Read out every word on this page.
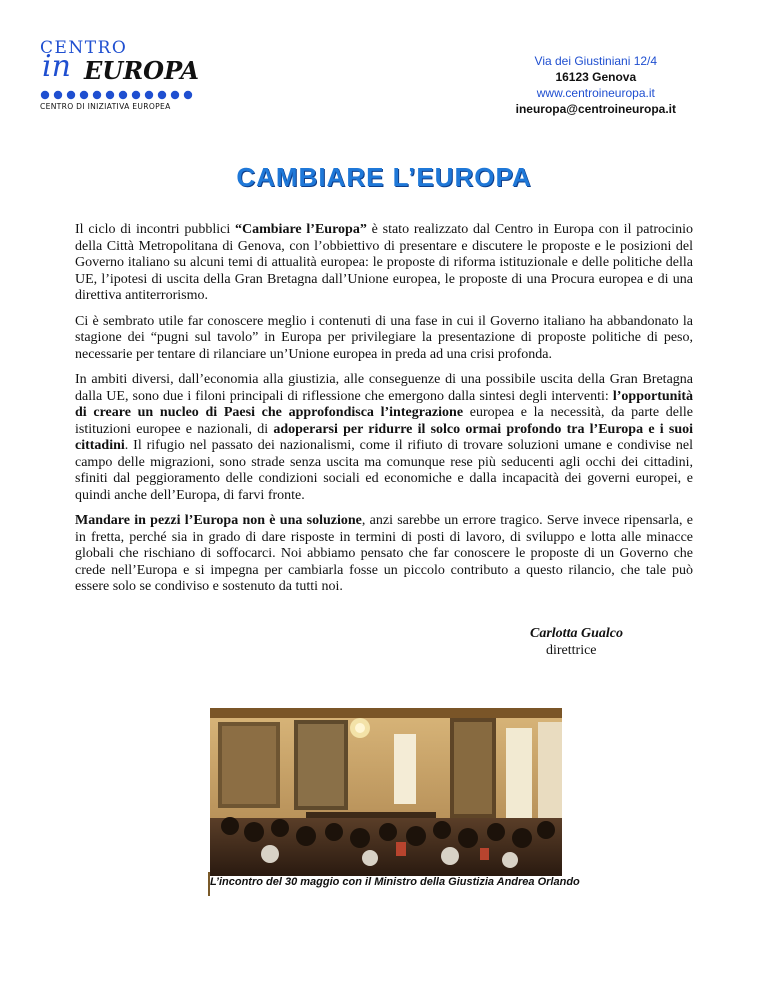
CENTRO
in EUROPA
CENTRO DI INIZIATIVA EUROPEA
Via dei Giustiniani 12/4
16123 Genova
www.centroineuropa.it
ineuropa@centroineuropa.it
CAMBIARE L’EUROPA

Il ciclo di incontri pubblici “Cambiare l’Europa” è stato realizzato dal Centro in Europa con il patrocinio della Città Metropolitana di Genova, con l’obbiettivo di presentare e discutere le proposte e le posizioni del Governo italiano su alcuni temi di attualità europea: le proposte di riforma istituzionale e delle politiche della UE, l’ipotesi di uscita della Gran Bretagna dall’Unione europea, le proposte di una Procura europea e di una direttiva antiterrorismo.

Ci è sembrato utile far conoscere meglio i contenuti di una fase in cui il Governo italiano ha abbandonato la stagione dei “pugni sul tavolo” in Europa per privilegiare la presentazione di proposte politiche di peso, necessarie per tentare di rilanciare un’Unione europea in preda ad una crisi profonda.

In ambiti diversi, dall’economia alla giustizia, alle conseguenze di una possibile uscita della Gran Bretagna dalla UE, sono due i filoni principali di riflessione che emergono dalla sintesi degli interventi: l’opportunità di creare un nucleo di Paesi che approfondisca l’integrazione europea e la necessità, da parte delle istituzioni europee e nazionali, di adoperarsi per ridurre il solco ormai profondo tra l’Europa e i suoi cittadini. Il rifugio nel passato dei nazionalismi, come il rifiuto di trovare soluzioni umane e condivise nel campo delle migrazioni, sono strade senza uscita ma comunque rese più seducenti agli occhi dei cittadini, sfiniti dal peggioramento delle condizioni sociali ed economiche e dalla incapacità dei governi europei, e quindi anche dell’Europa, di farvi fronte.

Mandare in pezzi l’Europa non è una soluzione, anzi sarebbe un errore tragico. Serve invece ripensarla, e in fretta, perché sia in grado di dare risposte in termini di posti di lavoro, di sviluppo e lotta alle minacce globali che rischiano di soffocarci. Noi abbiamo pensato che far conoscere le proposte di un Governo che crede nell’Europa e si impegna per cambiarla fosse un piccolo contributo a questo rilancio, che tale può essere solo se condiviso e sostenuto da tutti noi.

Carlotta Gualco
direttrice
L’incontro del 30 maggio con il Ministro della Giustizia Andrea Orlando
